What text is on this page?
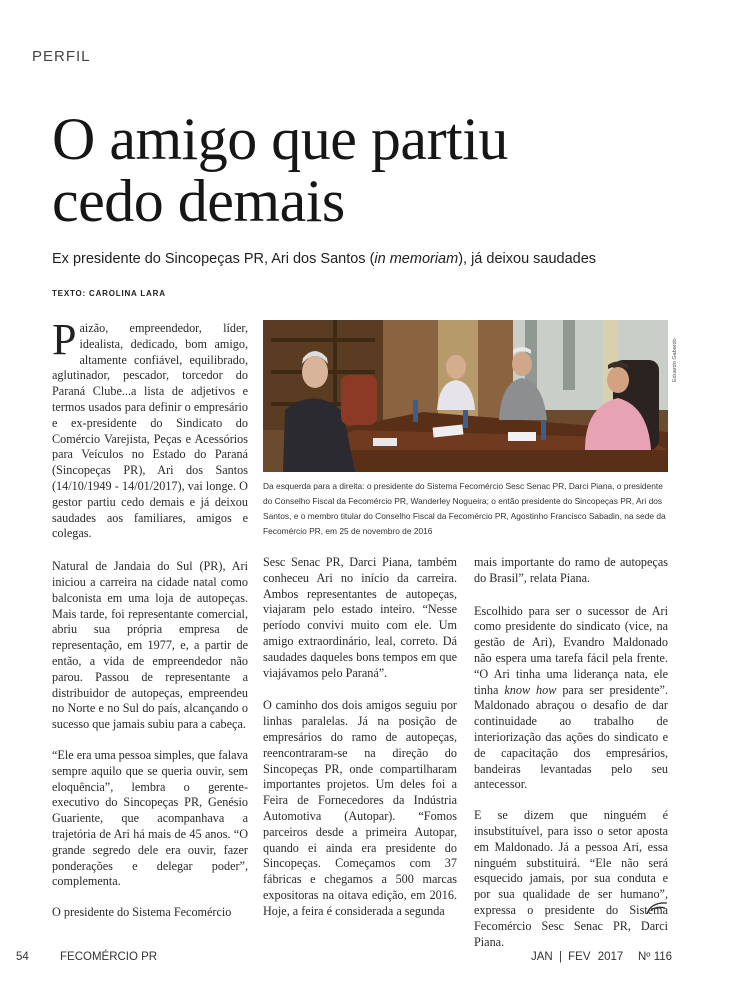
PERFIL
O amigo que partiu
cedo demais
Ex presidente do Sincopeças PR, Ari dos Santos (in memoriam), já deixou saudades
TEXTO: CAROLINA LARA

Paizão, empreendedor, líder, idealista, dedicado, bom amigo, altamente confiável, equilibrado, aglutinador, pescador, torcedor do Paraná Clube...a lista de adjetivos e termos usados para definir o empresário e ex-presidente do Sindicato do Comércio Varejista, Peças e Acessórios para Veículos no Estado do Paraná (Sincopeças PR), Ari dos Santos (14/10/1949 - 14/01/2017), vai longe. O gestor partiu cedo demais e já deixou saudades aos familiares, amigos e colegas.

Natural de Jandaia do Sul (PR), Ari iniciou a carreira na cidade natal como balconista em uma loja de autopeças. Mais tarde, foi representante comercial, abriu sua própria empresa de representação, em 1977, e, a partir de então, a vida de empreendedor não parou. Passou de representante a distribuidor de autopeças, empreendeu no Norte e no Sul do país, alcançando o sucesso que jamais subiu para a cabeça.

“Ele era uma pessoa simples, que falava sempre aquilo que se queria ouvir, sem eloquência”, lembra o gerente-executivo do Sincopeças PR, Genésio Guariente, que acompanhava a trajetória de Ari há mais de 45 anos. “O grande segredo dele era ouvir, fazer ponderações e delegar poder”, complementa.

O presidente do Sistema Fecomércio

Eduardo Gabardo
Da esquerda para a direita: o presidente do Sistema Fecomércio Sesc Senac PR, Darci Piana, o presidente do Conselho Fiscal da Fecomércio PR, Wanderley Nogueira; o então presidente do Sincopeças PR, Ari dos Santos, e o membro titular do Conselho Fiscal da Fecomércio PR, Agostinho Francisco Sabadin, na sede da Fecomércio PR, em 25 de novembro de 2016

Sesc Senac PR, Darci Piana, também conheceu Ari no início da carreira. Ambos representantes de autopeças, viajaram pelo estado inteiro. “Nesse período convivi muito com ele. Um amigo extraordinário, leal, correto. Dá saudades daqueles bons tempos em que viajávamos pelo Paraná”.

O caminho dos dois amigos seguiu por linhas paralelas. Já na posição de empresários do ramo de autopeças, reencontraram-se na direção do Sincopeças PR, onde compartilharam importantes projetos. Um deles foi a Feira de Fornecedores da Indústria Automotiva (Autopar). “Fomos parceiros desde a primeira Autopar, quando ei ainda era presidente do Sincopeças. Começamos com 37 fábricas e chegamos a 500 marcas expositoras na oitava edição, em 2016. Hoje, a feira é considerada a segunda

mais importante do ramo de autopeças do Brasil”, relata Piana.

Escolhido para ser o sucessor de Ari como presidente do sindicato (vice, na gestão de Ari), Evandro Maldonado não espera uma tarefa fácil pela frente. “O Ari tinha uma liderança nata, ele tinha know how para ser presidente”. Maldonado abraçou o desafio de dar continuidade ao trabalho de interiorização das ações do sindicato e de capacitação dos empresários, bandeiras levantadas pelo seu antecessor.

E se dizem que ninguém é insubstituível, para isso o setor aposta em Maldonado. Já a pessoa Ari, essa ninguém substituirá. “Ele não será esquecido jamais, por sua conduta e por sua qualidade de ser humano”, expressa o presidente do Sistema Fecomércio Sesc Senac PR, Darci Piana.

54	FECOMÉRCIO PR	JAN | FEV 2017 Nº 116
